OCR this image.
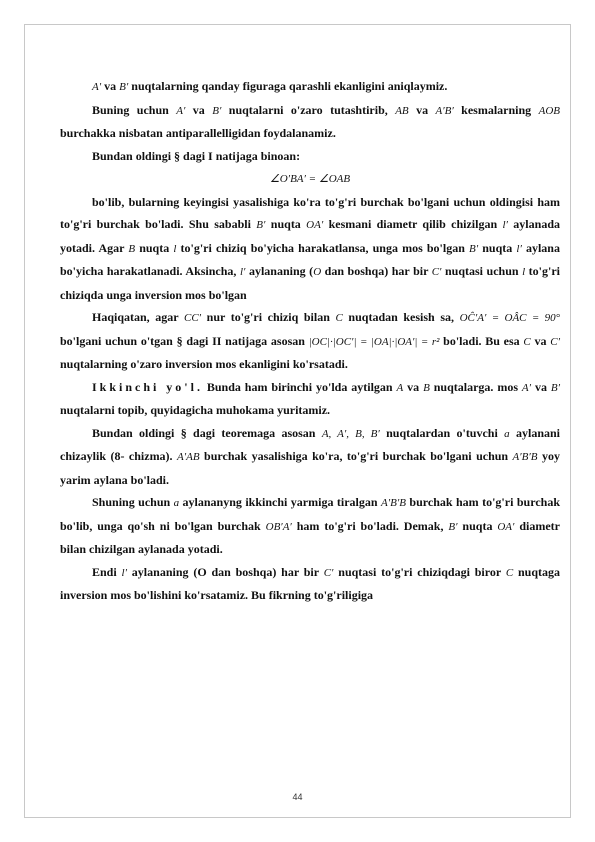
A′ va B′ nuqtalarning qanday figuraga qarashli ekanligini aniqlaymiz.

Buning uchun A′ va B′ nuqtalarni o'zaro tutashtirib, AB va A′B′ kesmalarning AOB burchakka nisbatan antiparallelligidan foydalanamiz.

Bundan oldingi § dagi I natijaga binoan:

∠O′BA′ = ∠OAB

bo'lib, bularning keyingisi yasalishiga ko'ra to'g'ri burchak bo'lgani uchun oldingisi ham to'g'ri burchak bo'ladi. Shu sababli B′ nuqta OA′ kesmani diametr qilib chizilgan l′ aylanada yotadi. Agar B nuqta l to'g'ri chiziq bo'yicha harakatlansa, unga mos bo'lgan B′ nuqta l′ aylana bo'yicha harakatlanadi. Aksincha, l′ aylananing (O dan boshqa) har bir C′ nuqtasi uchun l to'g'ri chiziqda unga inversion mos bo'lgan

Haqiqatan, agar CC′ nur to'g'ri chiziq bilan C nuqtadan kesish sa, OĈ′A′ = OÂC = 90° bo'lgani uchun o'tgan § dagi II natijaga asosan |OC|·|OC′| = |OA|·|OA′| = r² bo'ladi. Bu esa C va C′ nuqtalarning o'zaro inversion mos ekanligini ko'rsatadi.

Ikkinchi yo'l. Bunda ham birinchi yo'lda aytilgan A va B nuqtalarga. mos A′ va B′ nuqtalarni topib, quyidagicha muhokama yuritamiz.

Bundan oldingi § dagi teoremaga asosan A, A′, B, B′ nuqtalardan o'tuvchi a aylanani chizaylik (8- chizma). A′AB burchak yasalishiga ko'ra, to'g'ri burchak bo'lgani uchun A′B′B yoy yarim aylana bo'ladi.

Shuning uchun a aylananyng ikkinchi yarmiga tiralgan A′B′B burchak ham to'g'ri burchak bo'lib, unga qo'sh ni bo'lgan burchak OB′A′ ham to'g'ri bo'ladi. Demak, B′ nuqta OA′ diametr bilan chizilgan aylanada yotadi.

Endi l′ aylananing (O dan boshqa) har bir C′ nuqtasi to'g'ri chiziqdagi biror C nuqtaga inversion mos bo'lishini ko'rsatamiz. Bu fikrning to'g'riligiga

44
